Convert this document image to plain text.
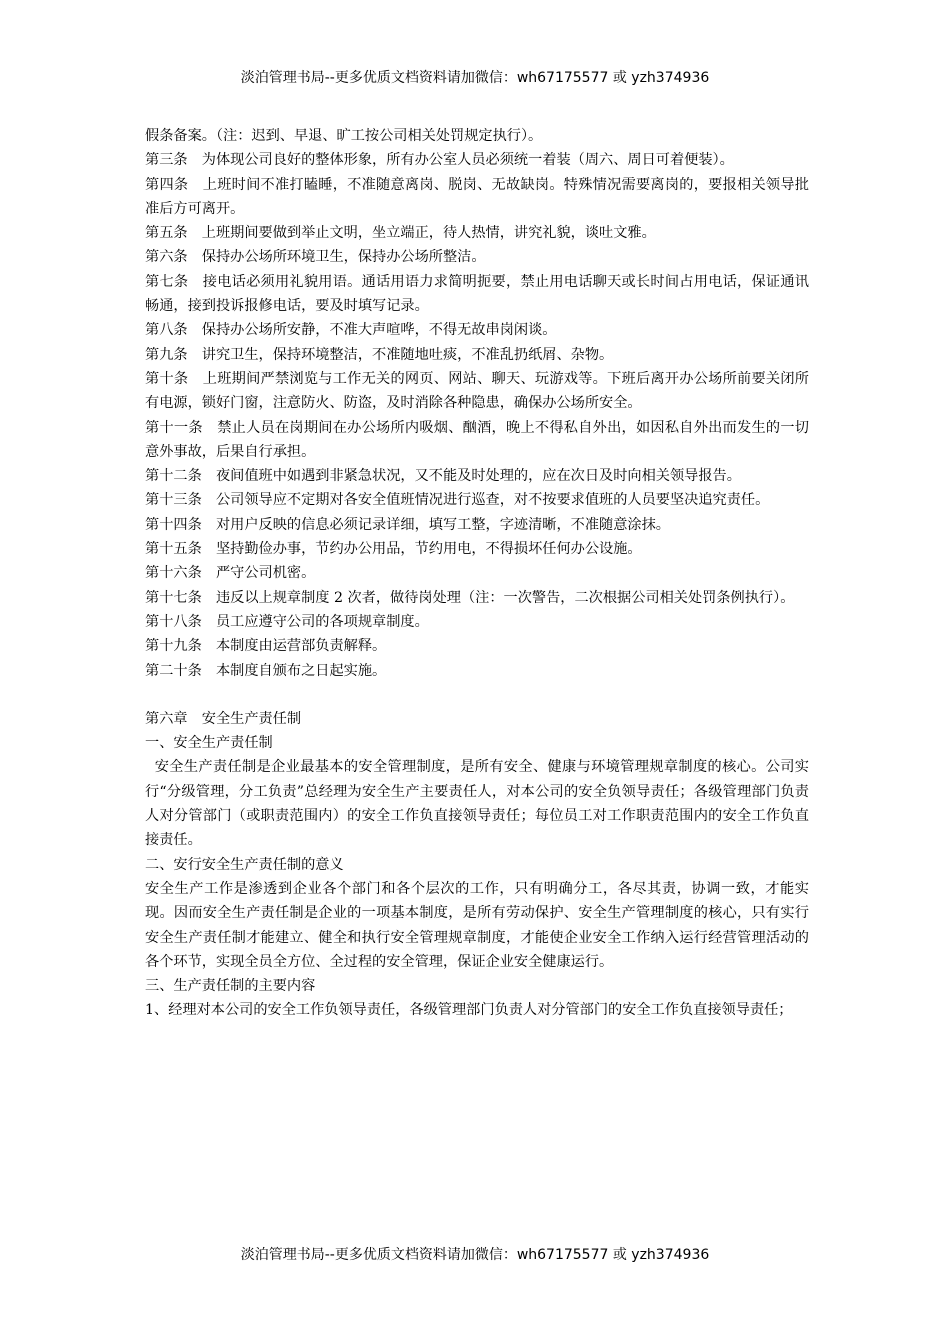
淡泊管理书局--更多优质文档资料请加微信：wh67175577 或 yzh374936

假条备案。（注：迟到、早退、旷工按公司相关处罚规定执行）。

第三条　为体现公司良好的整体形象，所有办公室人员必须统一着装（周六、周日可着便装）。

第四条　上班时间不准打瞌睡，不准随意离岗、脱岗、无故缺岗。特殊情况需要离岗的，要报相关领导批准后方可离开。

第五条　上班期间要做到举止文明，坐立端正，待人热情，讲究礼貌，谈吐文雅。

第六条　保持办公场所环境卫生，保持办公场所整洁。

第七条　接电话必须用礼貌用语。通话用语力求简明扼要，禁止用电话聊天或长时间占用电话，保证通讯畅通，接到投诉报修电话，要及时填写记录。

第八条　保持办公场所安静，不准大声喧哗，不得无故串岗闲谈。

第九条　讲究卫生，保持环境整洁，不准随地吐痰，不准乱扔纸屑、杂物。

第十条　上班期间严禁浏览与工作无关的网页、网站、聊天、玩游戏等。下班后离开办公场所前要关闭所有电源，锁好门窗，注意防火、防盗，及时消除各种隐患，确保办公场所安全。

第十一条　禁止人员在岗期间在办公场所内吸烟、酗酒，晚上不得私自外出，如因私自外出而发生的一切意外事故，后果自行承担。

第十二条　夜间值班中如遇到非紧急状况，又不能及时处理的，应在次日及时向相关领导报告。

第十三条　公司领导应不定期对各安全值班情况进行巡查，对不按要求值班的人员要坚决追究责任。

第十四条　对用户反映的信息必须记录详细，填写工整，字迹清晰，不准随意涂抹。

第十五条　坚持勤俭办事，节约办公用品，节约用电，不得损坏任何办公设施。

第十六条　严守公司机密。

第十七条　违反以上规章制度 2 次者，做待岗处理（注：一次警告，二次根据公司相关处罚条例执行）。

第十八条　员工应遵守公司的各项规章制度。

第十九条　本制度由运营部负责解释。

第二十条　本制度自颁布之日起实施。

第六章　安全生产责任制

一、安全生产责任制

安全生产责任制是企业最基本的安全管理制度，是所有安全、健康与环境管理规章制度的核心。公司实行“分级管理，分工负责”总经理为安全生产主要责任人，对本公司的安全负领导责任；各级管理部门负责人对分管部门（或职责范围内）的安全工作负直接领导责任；每位员工对工作职责范围内的安全工作负直接责任。

二、安行安全生产责任制的意义

安全生产工作是渗透到企业各个部门和各个层次的工作，只有明确分工，各尽其责，协调一致，才能实现。因而安全生产责任制是企业的一项基本制度，是所有劳动保护、安全生产管理制度的核心，只有实行安全生产责任制才能建立、健全和执行安全管理规章制度，才能使企业安全工作纳入运行经营管理活动的各个环节，实现全员全方位、全过程的安全管理，保证企业安全健康运行。

三、生产责任制的主要内容

1、经理对本公司的安全工作负领导责任，各级管理部门负责人对分管部门的安全工作负直接领导责任；

淡泊管理书局--更多优质文档资料请加微信：wh67175577 或 yzh374936
